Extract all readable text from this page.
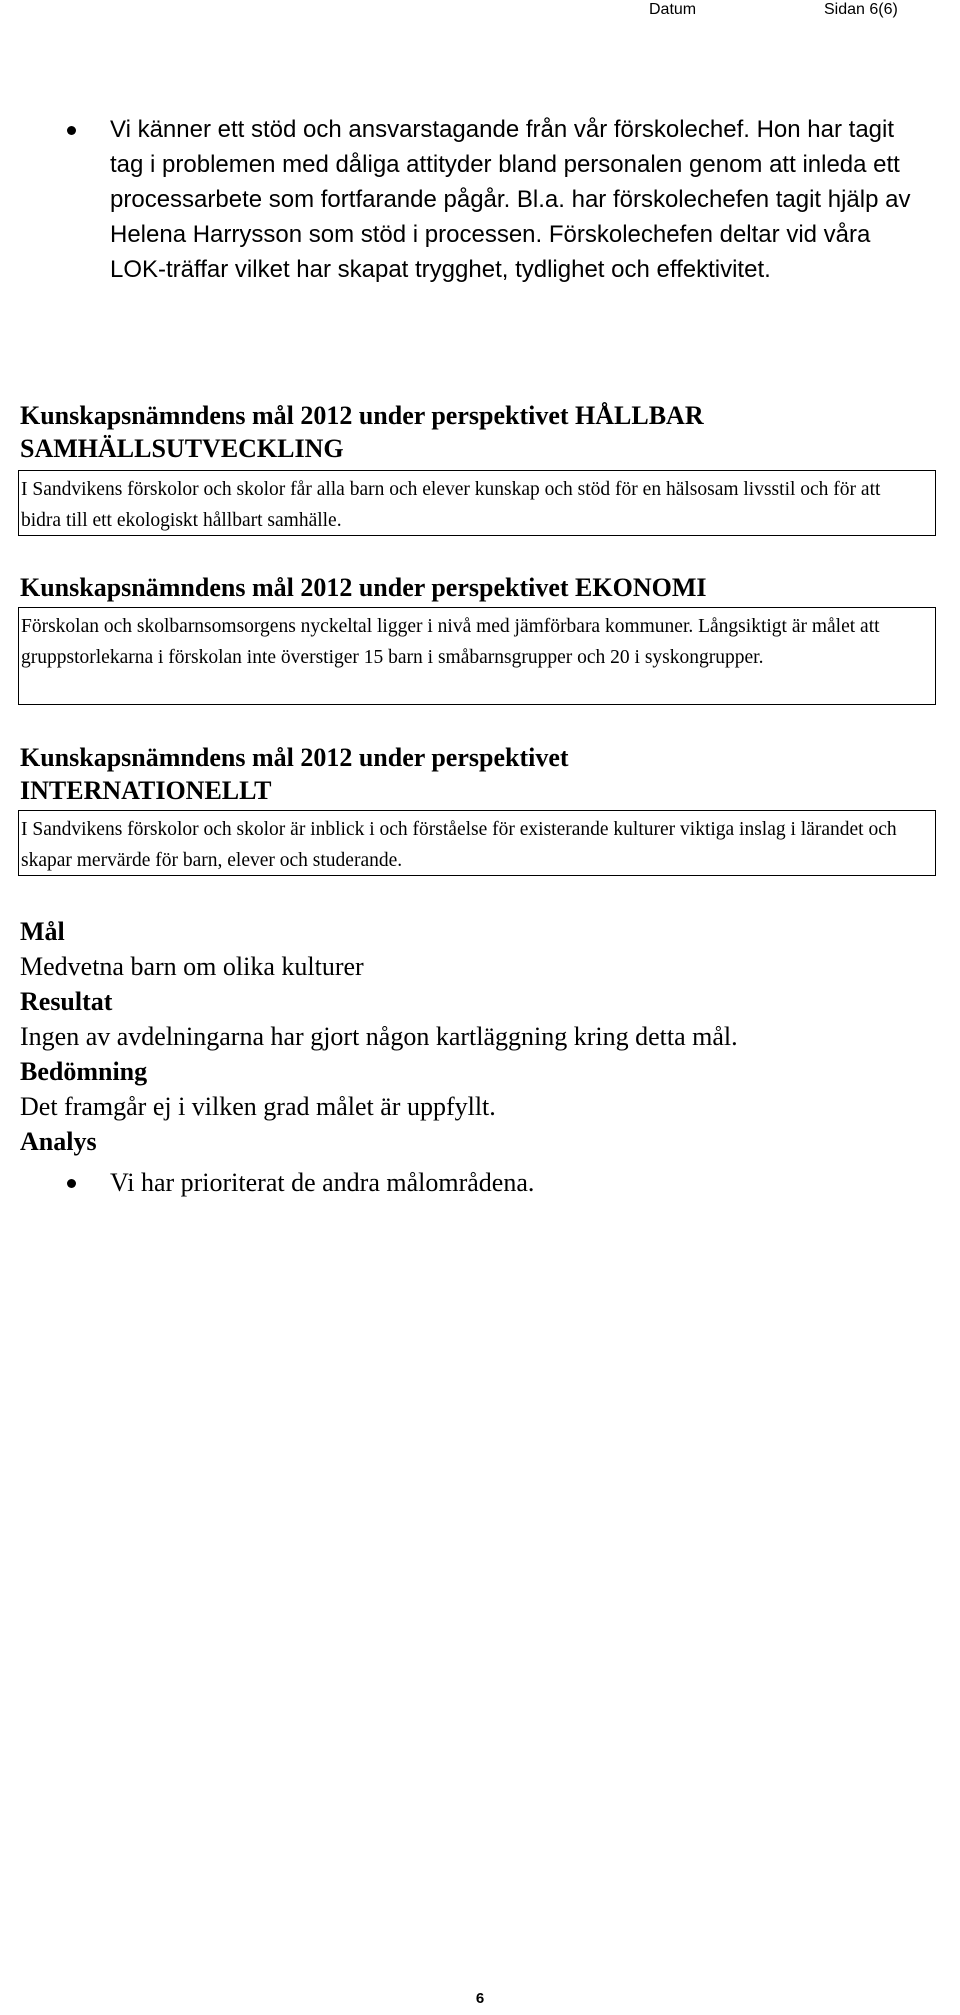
Datum	Sidan 6(6)
Vi känner ett stöd och ansvarstagande från vår förskolechef. Hon har tagit tag i problemen med dåliga attityder bland personalen genom att inleda ett processarbete som fortfarande pågår. Bl.a. har förskolechefen tagit hjälp av Helena Harrysson som stöd i processen. Förskolechefen deltar vid våra LOK-träffar vilket har skapat trygghet, tydlighet och effektivitet.
Kunskapsnämndens mål 2012 under perspektivet HÅLLBAR SAMHÄLLSUTVECKLING
I Sandvikens förskolor och skolor får alla barn och elever kunskap och stöd för en hälsosam livsstil och för att bidra till ett ekologiskt hållbart samhälle.
Kunskapsnämndens mål 2012 under perspektivet EKONOMI
Förskolan och skolbarnsomsorgens nyckeltal ligger i nivå med jämförbara kommuner. Långsiktigt är målet att gruppstorlekarna i förskolan inte överstiger 15 barn i småbarnsgrupper och 20 i syskongrupper.
Kunskapsnämndens mål 2012 under perspektivet INTERNATIONELLT
I Sandvikens förskolor och skolor är inblick i och förståelse för existerande kulturer viktiga inslag i lärandet och skapar mervärde för barn, elever och studerande.
Mål
Medvetna barn om olika kulturer
Resultat
Ingen av avdelningarna har gjort någon kartläggning kring detta mål.
Bedömning
Det framgår ej i vilken grad målet är uppfyllt.
Analys
Vi har prioriterat de andra målområdena.
6
